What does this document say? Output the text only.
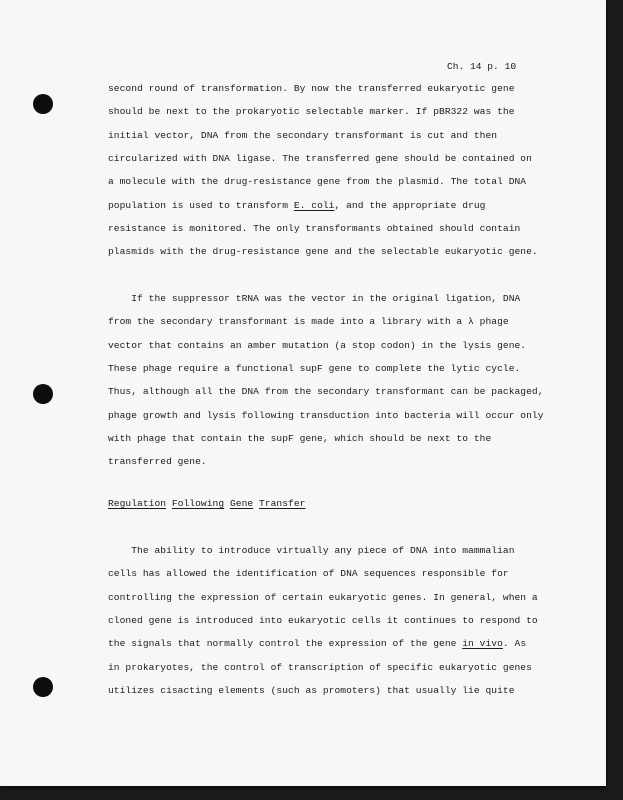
Ch. 14 p. 10
second round of transformation. By now the transferred eukaryotic gene
should be next to the prokaryotic selectable marker. If pBR322 was the
initial vector, DNA from the secondary transformant is cut and then
circularized with DNA ligase. The transferred gene should be contained on
a molecule with the drug-resistance gene from the plasmid. The total DNA
population is used to transform E. coli, and the appropriate drug
resistance is monitored. The only transformants obtained should contain
plasmids with the drug-resistance gene and the selectable eukaryotic gene.
If the suppressor tRNA was the vector in the original ligation, DNA
from the secondary transformant is made into a library with a λ phage
vector that contains an amber mutation (a stop codon) in the lysis gene.
These phage require a functional supF gene to complete the lytic cycle.
Thus, although all the DNA from the secondary transformant can be packaged,
phage growth and lysis following transduction into bacteria will occur only
with phage that contain the supF gene, which should be next to the
transferred gene.
Regulation Following Gene Transfer
The ability to introduce virtually any piece of DNA into mammalian
cells has allowed the identification of DNA sequences responsible for
controlling the expression of certain eukaryotic genes. In general, when a
cloned gene is introduced into eukaryotic cells it continues to respond to
the signals that normally control the expression of the gene in vivo. As
in prokaryotes, the control of transcription of specific eukaryotic genes
utilizes cisacting elements (such as promoters) that usually lie quite
